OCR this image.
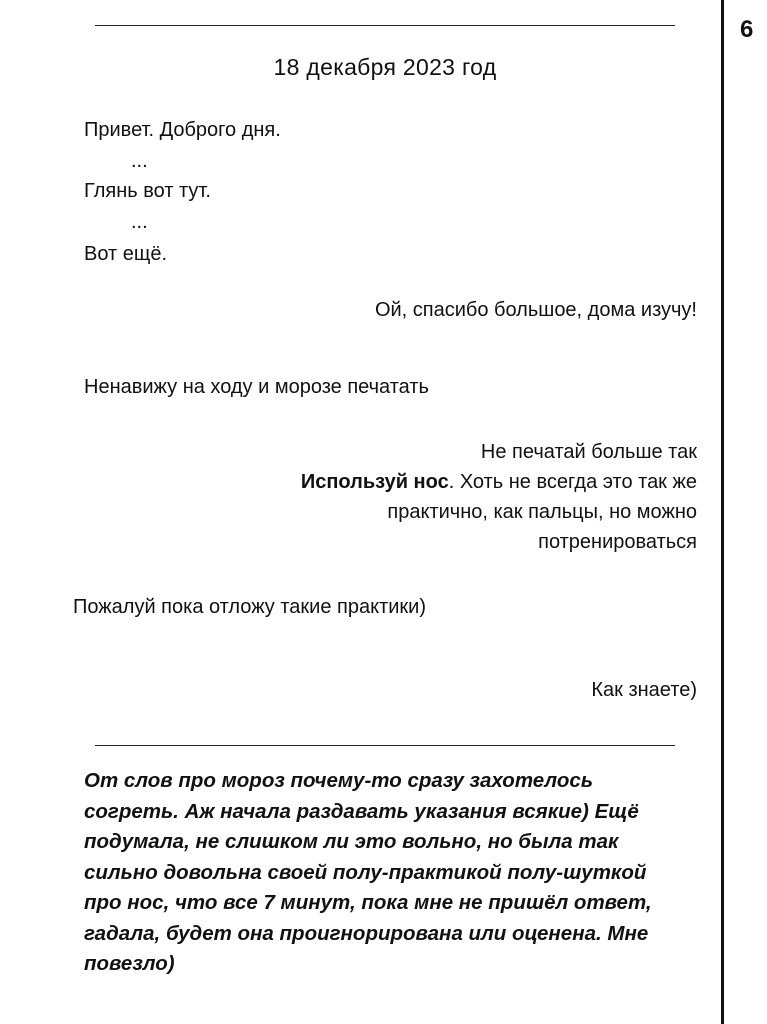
6
18 декабря 2023 год
Привет. Доброго дня.
...
Глянь вот тут.
...
Вот ещё.
Ой, спасибо большое, дома изучу!
Ненавижу на ходу и морозе печатать
Не печатай больше так
Используй нос. Хоть не всегда это так же практично, как пальцы, но можно потренироваться
Пожалуй пока отложу такие практики)
Как знаете)
От слов про мороз почему-то сразу захотелось согреть. Аж начала раздавать указания всякие) Ещё подумала, не слишком ли это вольно, но была так сильно довольна своей полу-практикой полу-шуткой про нос, что все 7 минут, пока мне не пришёл ответ, гадала, будет она проигнорирована или оценена. Мне повезло)
